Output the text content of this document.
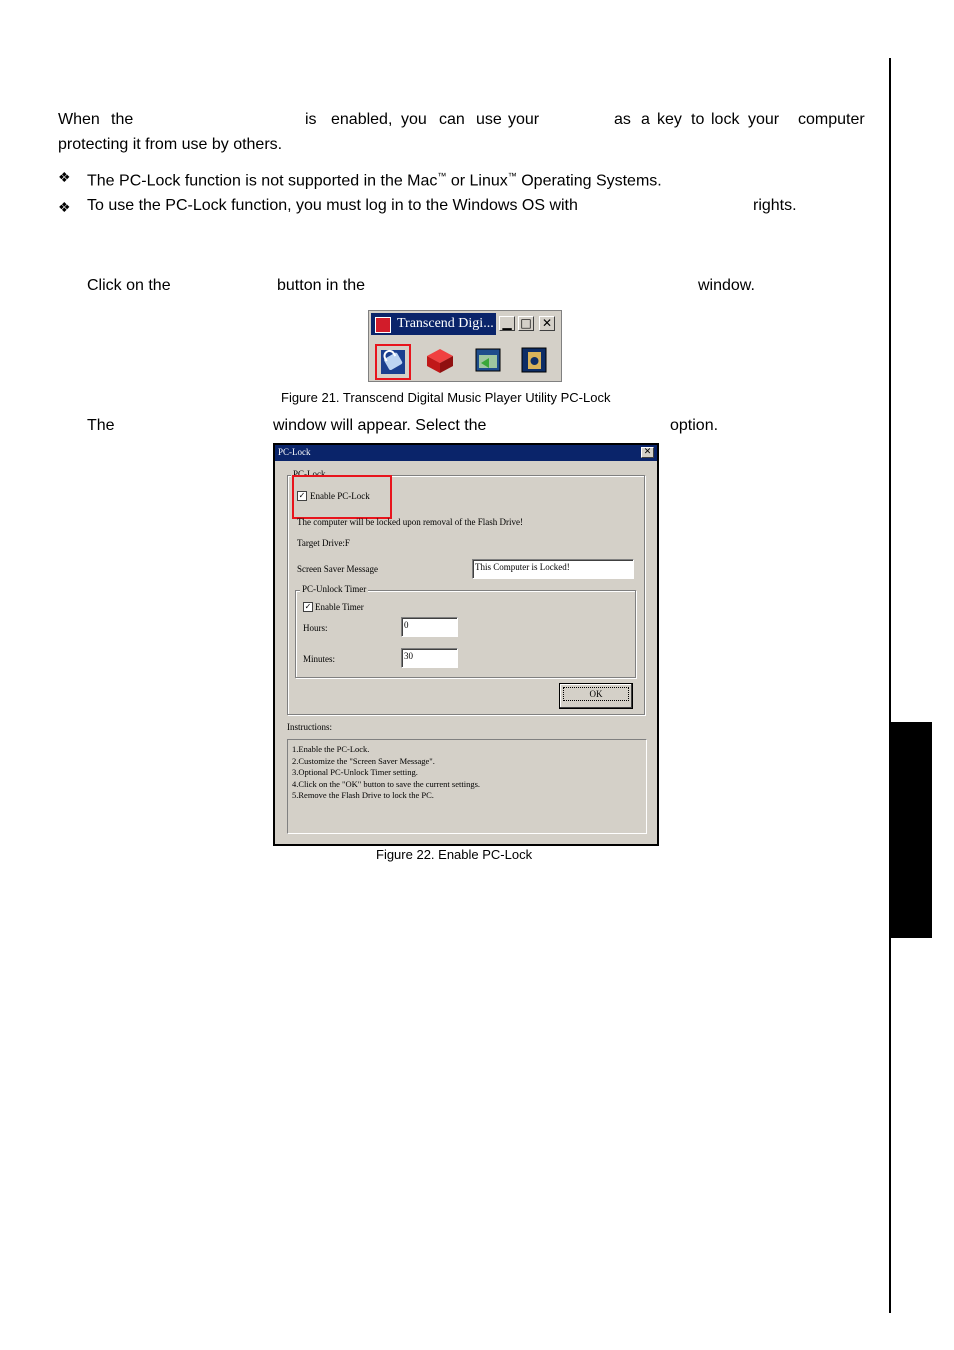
When the	is enabled, you can use your	as a key to lock your computer
protecting it from use by others.
❖ The PC-Lock function is not supported in the Mac™ or Linux™ Operating Systems.
❖ To use the PC-Lock function, you must log in to the Windows OS with	rights.
Click on the	button in the	window.
Transcend Digi... ▁ □ ✕
Figure 21. Transcend Digital Music Player Utility PC-Lock
The	window will appear. Select the	option.
PC-Lock	✕
PC-Lock
✓ Enable PC-Lock
The computer will be locked upon removal of the Flash Drive!
Target Drive:F
Screen Saver Message	This Computer is Locked!
PC-Unlock Timer
✓ Enable Timer
Hours:	0
Minutes:	30
OK
Instructions:
1.Enable the PC-Lock.
2.Customize the "Screen Saver Message".
3.Optional PC-Unlock Timer setting.
4.Click on the "OK" button to save the current settings.
5.Remove the Flash Drive to lock the PC.
Figure 22. Enable PC-Lock
